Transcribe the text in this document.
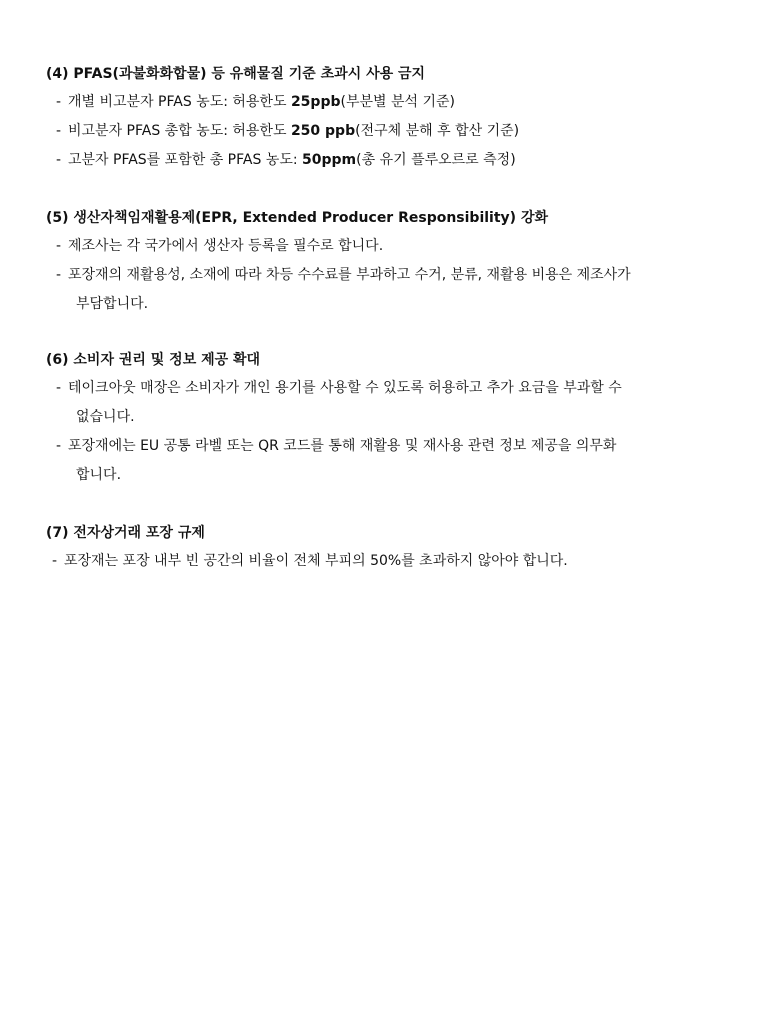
(4) PFAS(과불화화합물) 등 유해물질 기준 초과시 사용 금지
- 개별 비고분자 PFAS 농도: 허용한도 25ppb(부분별 분석 기준)
- 비고분자 PFAS 총합 농도: 허용한도 250 ppb(전구체 분해 후 합산 기준)
- 고분자 PFAS를 포함한 총 PFAS 농도: 50ppm(총 유기 플루오르로 측정)
(5) 생산자책임재활용제(EPR, Extended Producer Responsibility) 강화
- 제조사는 각 국가에서 생산자 등록을 필수로 합니다.
- 포장재의 재활용성, 소재에 따라 차등 수수료를 부과하고 수거, 분류, 재활용 비용은 제조사가
부담합니다.
(6) 소비자 권리 및 정보 제공 확대
- 테이크아웃 매장은 소비자가 개인 용기를 사용할 수 있도록 허용하고 추가 요금을 부과할 수
없습니다.
- 포장재에는 EU 공통 라벨 또는 QR 코드를 통해 재활용 및 재사용 관련 정보 제공을 의무화
합니다.
(7) 전자상거래 포장 규제
- 포장재는 포장 내부 빈 공간의 비율이 전체 부피의 50%를 초과하지 않아야 합니다.
